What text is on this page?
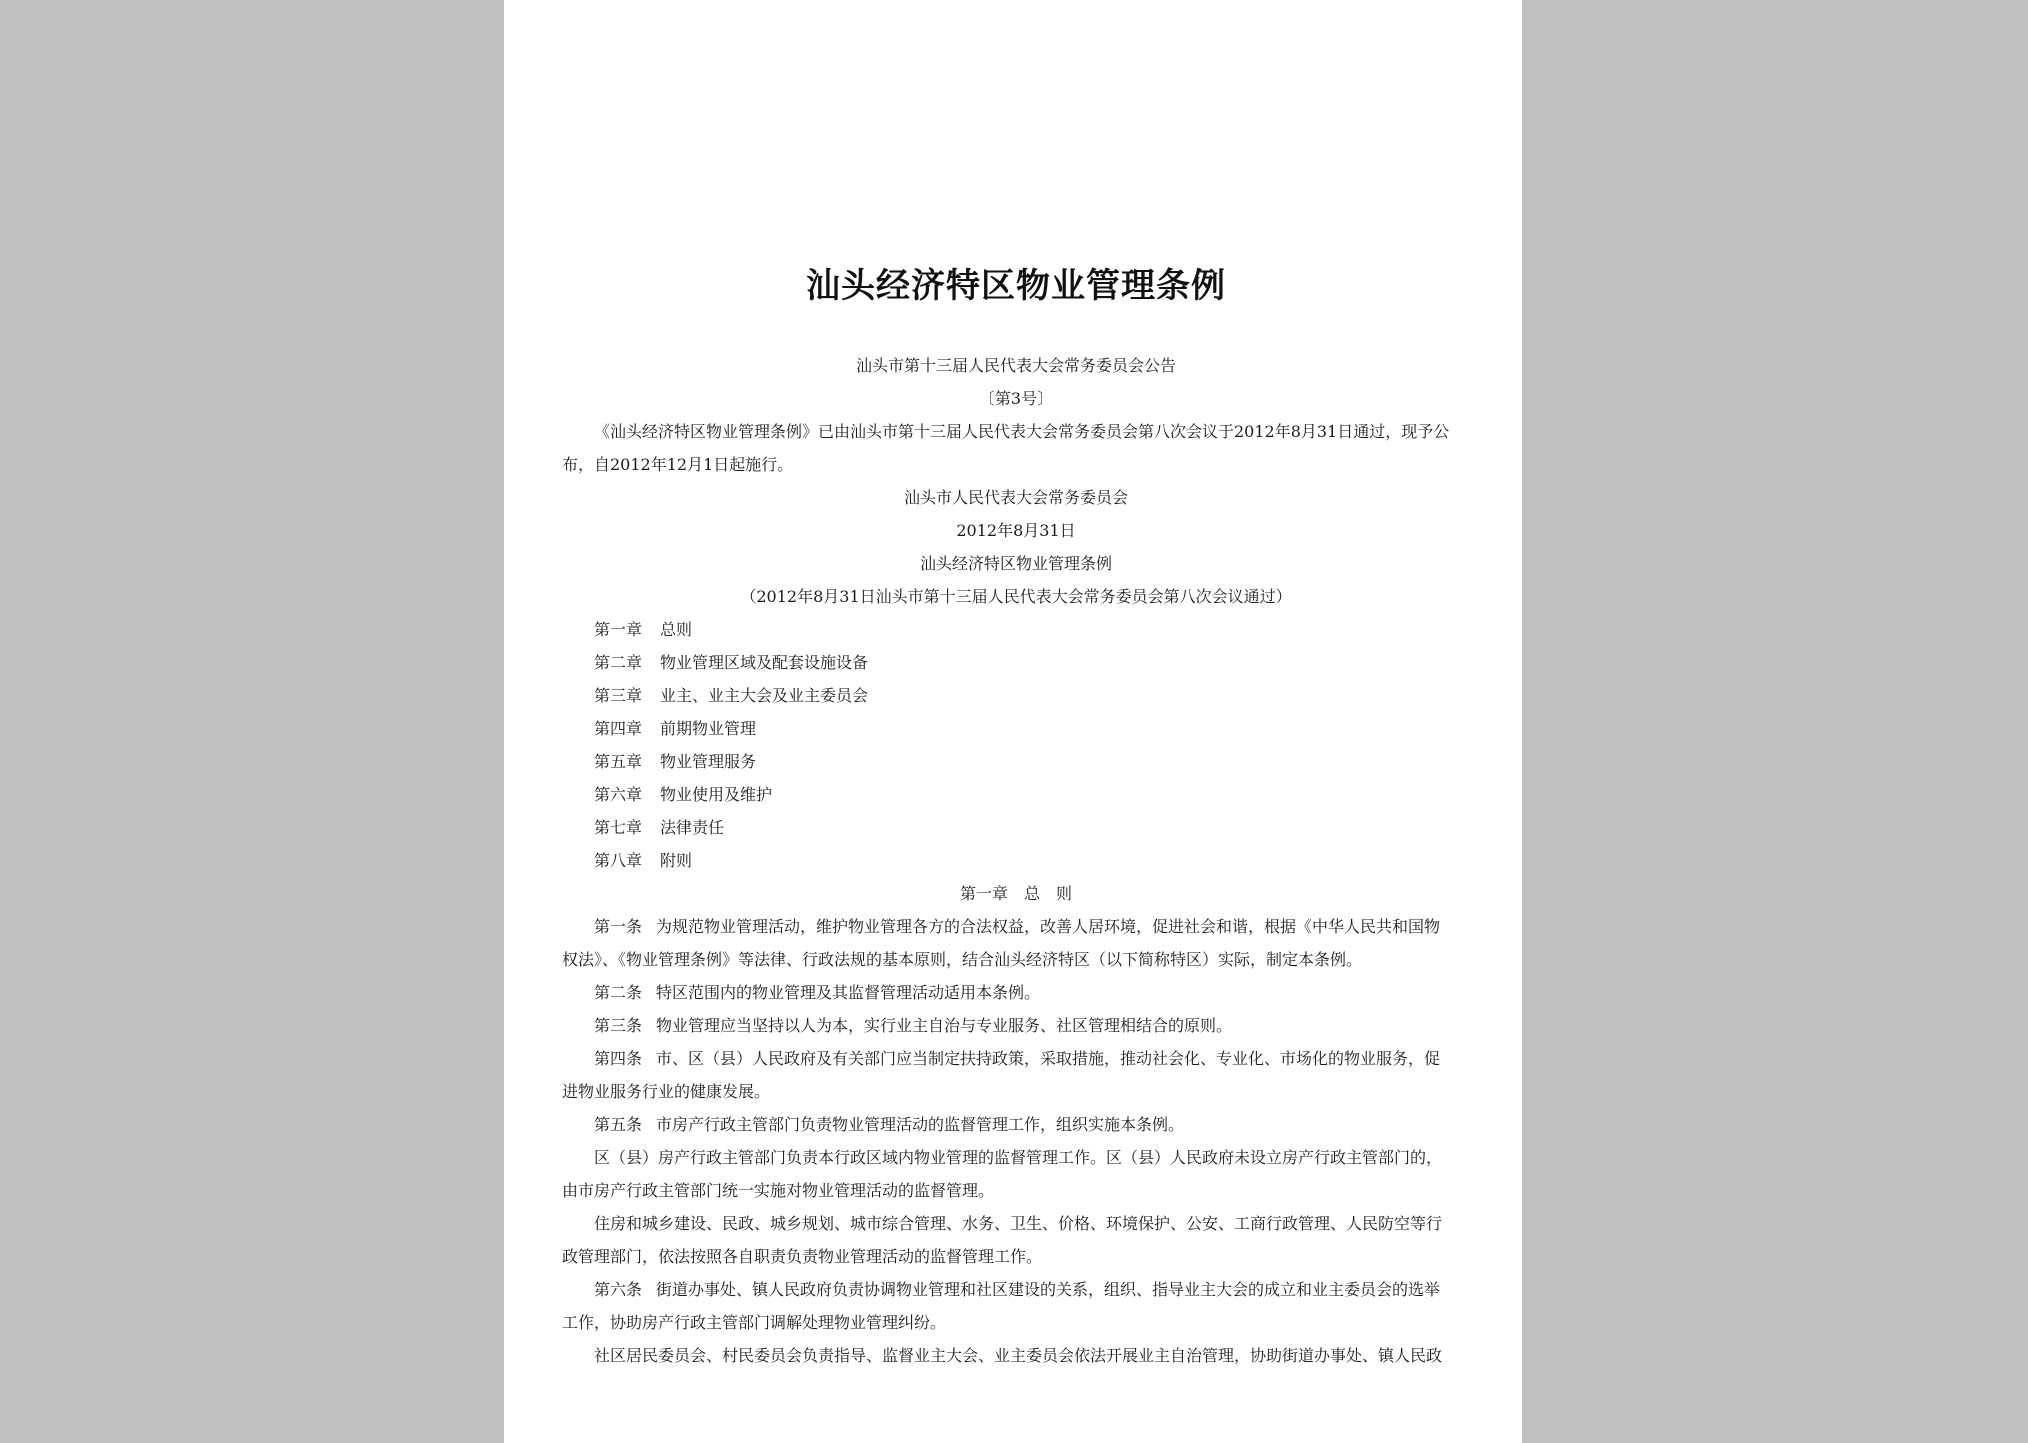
汕头经济特区物业管理条例
汕头市第十三届人民代表大会常务委员会公告
〔第3号〕
《汕头经济特区物业管理条例》已由汕头市第十三届人民代表大会常务委员会第八次会议于2012年8月31日通过，现予公
布，自2012年12月1日起施行。
汕头市人民代表大会常务委员会
2012年8月31日
汕头经济特区物业管理条例
（2012年8月31日汕头市第十三届人民代表大会常务委员会第八次会议通过）
第一章 总则
第二章 物业管理区域及配套设施设备
第三章 业主、业主大会及业主委员会
第四章 前期物业管理
第五章 物业管理服务
第六章 物业使用及维护
第七章 法律责任
第八章 附则
第一章　总　则
第一条 为规范物业管理活动，维护物业管理各方的合法权益，改善人居环境，促进社会和谐，根据《中华人民共和国物
权法》、《物业管理条例》等法律、行政法规的基本原则，结合汕头经济特区（以下简称特区）实际，制定本条例。
第二条 特区范围内的物业管理及其监督管理活动适用本条例。
第三条 物业管理应当坚持以人为本，实行业主自治与专业服务、社区管理相结合的原则。
第四条 市、区（县）人民政府及有关部门应当制定扶持政策，采取措施，推动社会化、专业化、市场化的物业服务，促
进物业服务行业的健康发展。
第五条 市房产行政主管部门负责物业管理活动的监督管理工作，组织实施本条例。
区（县）房产行政主管部门负责本行政区域内物业管理的监督管理工作。区（县）人民政府未设立房产行政主管部门的，
由市房产行政主管部门统一实施对物业管理活动的监督管理。
住房和城乡建设、民政、城乡规划、城市综合管理、水务、卫生、价格、环境保护、公安、工商行政管理、人民防空等行
政管理部门，依法按照各自职责负责物业管理活动的监督管理工作。
第六条 街道办事处、镇人民政府负责协调物业管理和社区建设的关系，组织、指导业主大会的成立和业主委员会的选举
工作，协助房产行政主管部门调解处理物业管理纠纷。
社区居民委员会、村民委员会负责指导、监督业主大会、业主委员会依法开展业主自治管理，协助街道办事处、镇人民政
